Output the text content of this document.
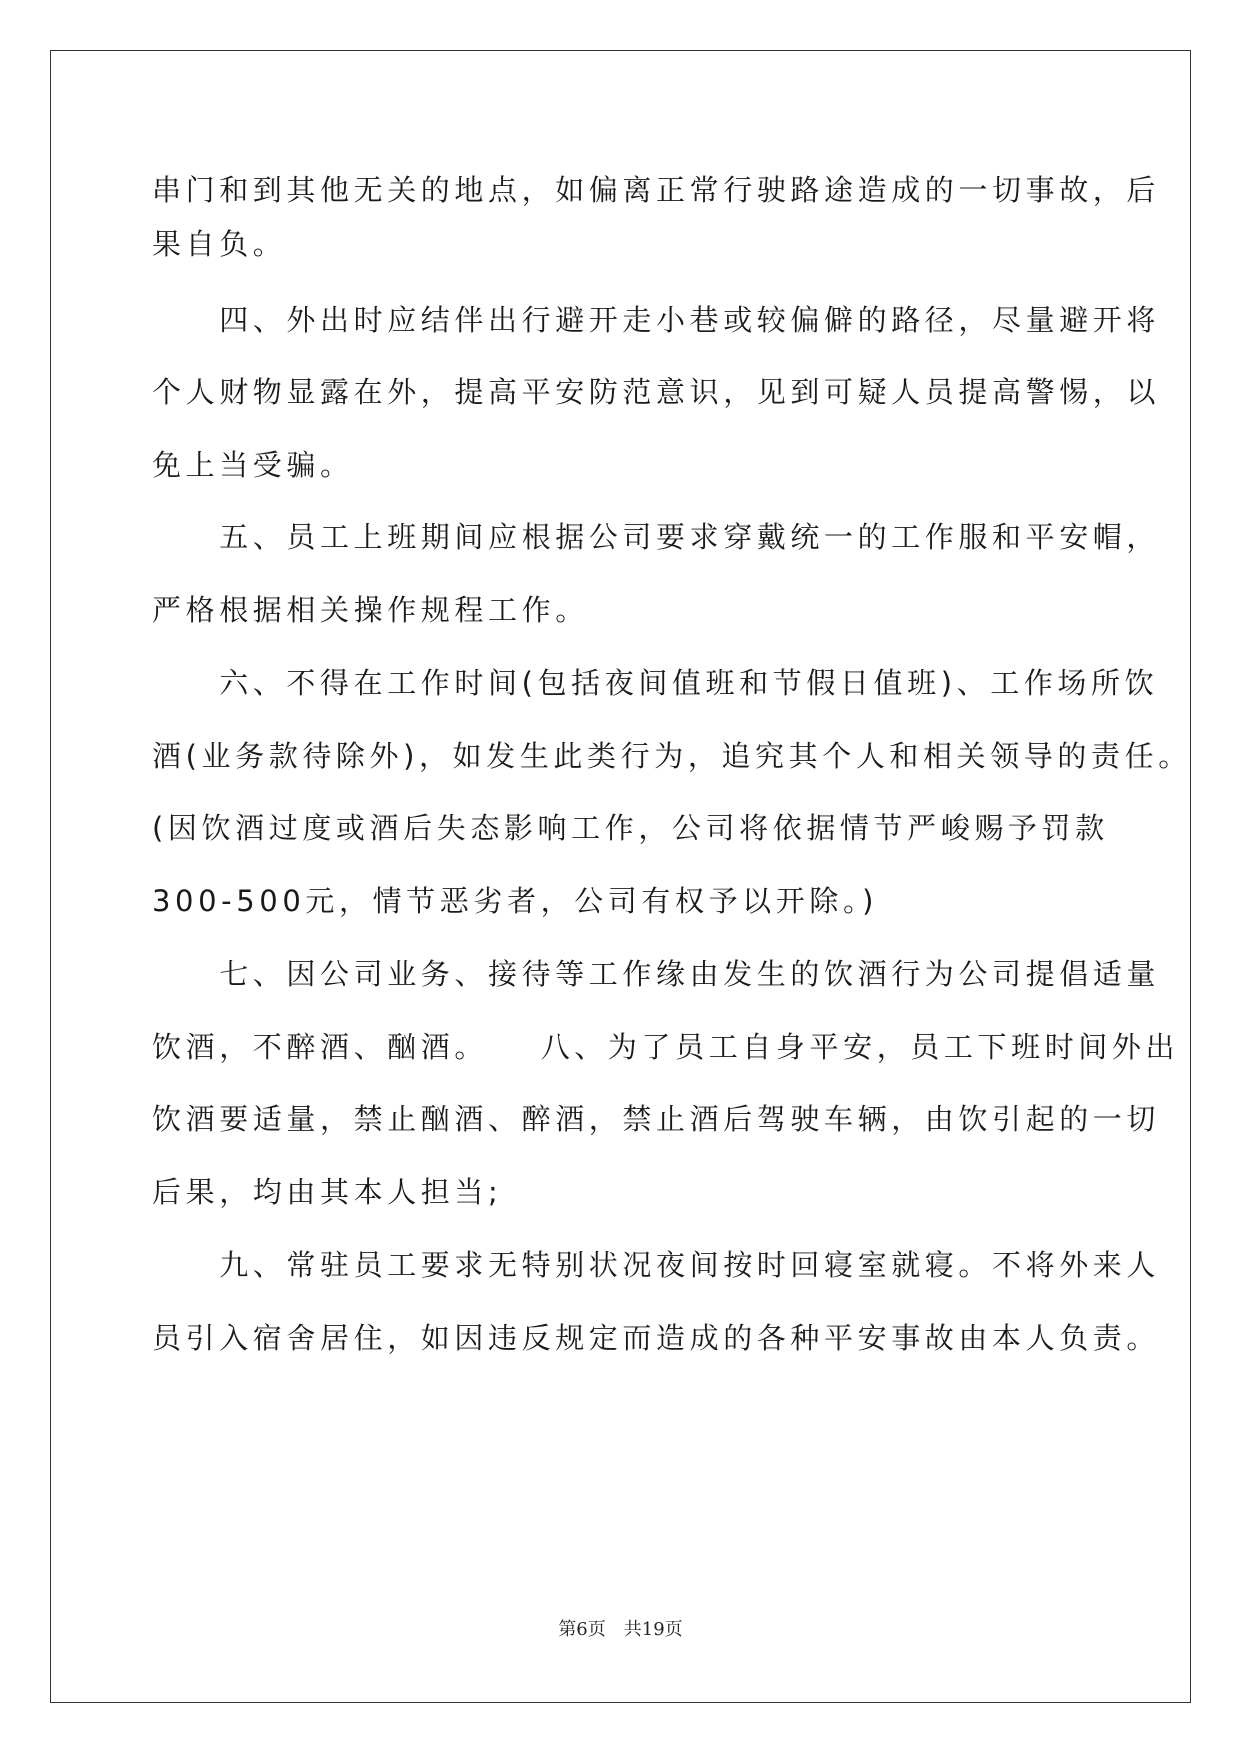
串门和到其他无关的地点，如偏离正常行驶路途造成的一切事故，后
果自负。
　　四、外出时应结伴出行避开走小巷或较偏僻的路径，尽量避开将
个人财物显露在外，提高平安防范意识，见到可疑人员提高警惕，以
免上当受骗。
　　五、员工上班期间应根据公司要求穿戴统一的工作服和平安帽，
严格根据相关操作规程工作。
　　六、不得在工作时间(包括夜间值班和节假日值班)、工作场所饮
酒(业务款待除外)，如发生此类行为，追究其个人和相关领导的责任。
(因饮酒过度或酒后失态影响工作，公司将依据情节严峻赐予罚款
300-500元，情节恶劣者，公司有权予以开除。)
　　七、因公司业务、接待等工作缘由发生的饮酒行为公司提倡适量
饮酒，不醉酒、酗酒。　　八、为了员工自身平安，员工下班时间外出
饮酒要适量，禁止酗酒、醉酒，禁止酒后驾驶车辆，由饮引起的一切
后果，均由其本人担当;
　　九、常驻员工要求无特别状况夜间按时回寝室就寝。不将外来人
员引入宿舍居住，如因违反规定而造成的各种平安事故由本人负责。
第6页　共19页
